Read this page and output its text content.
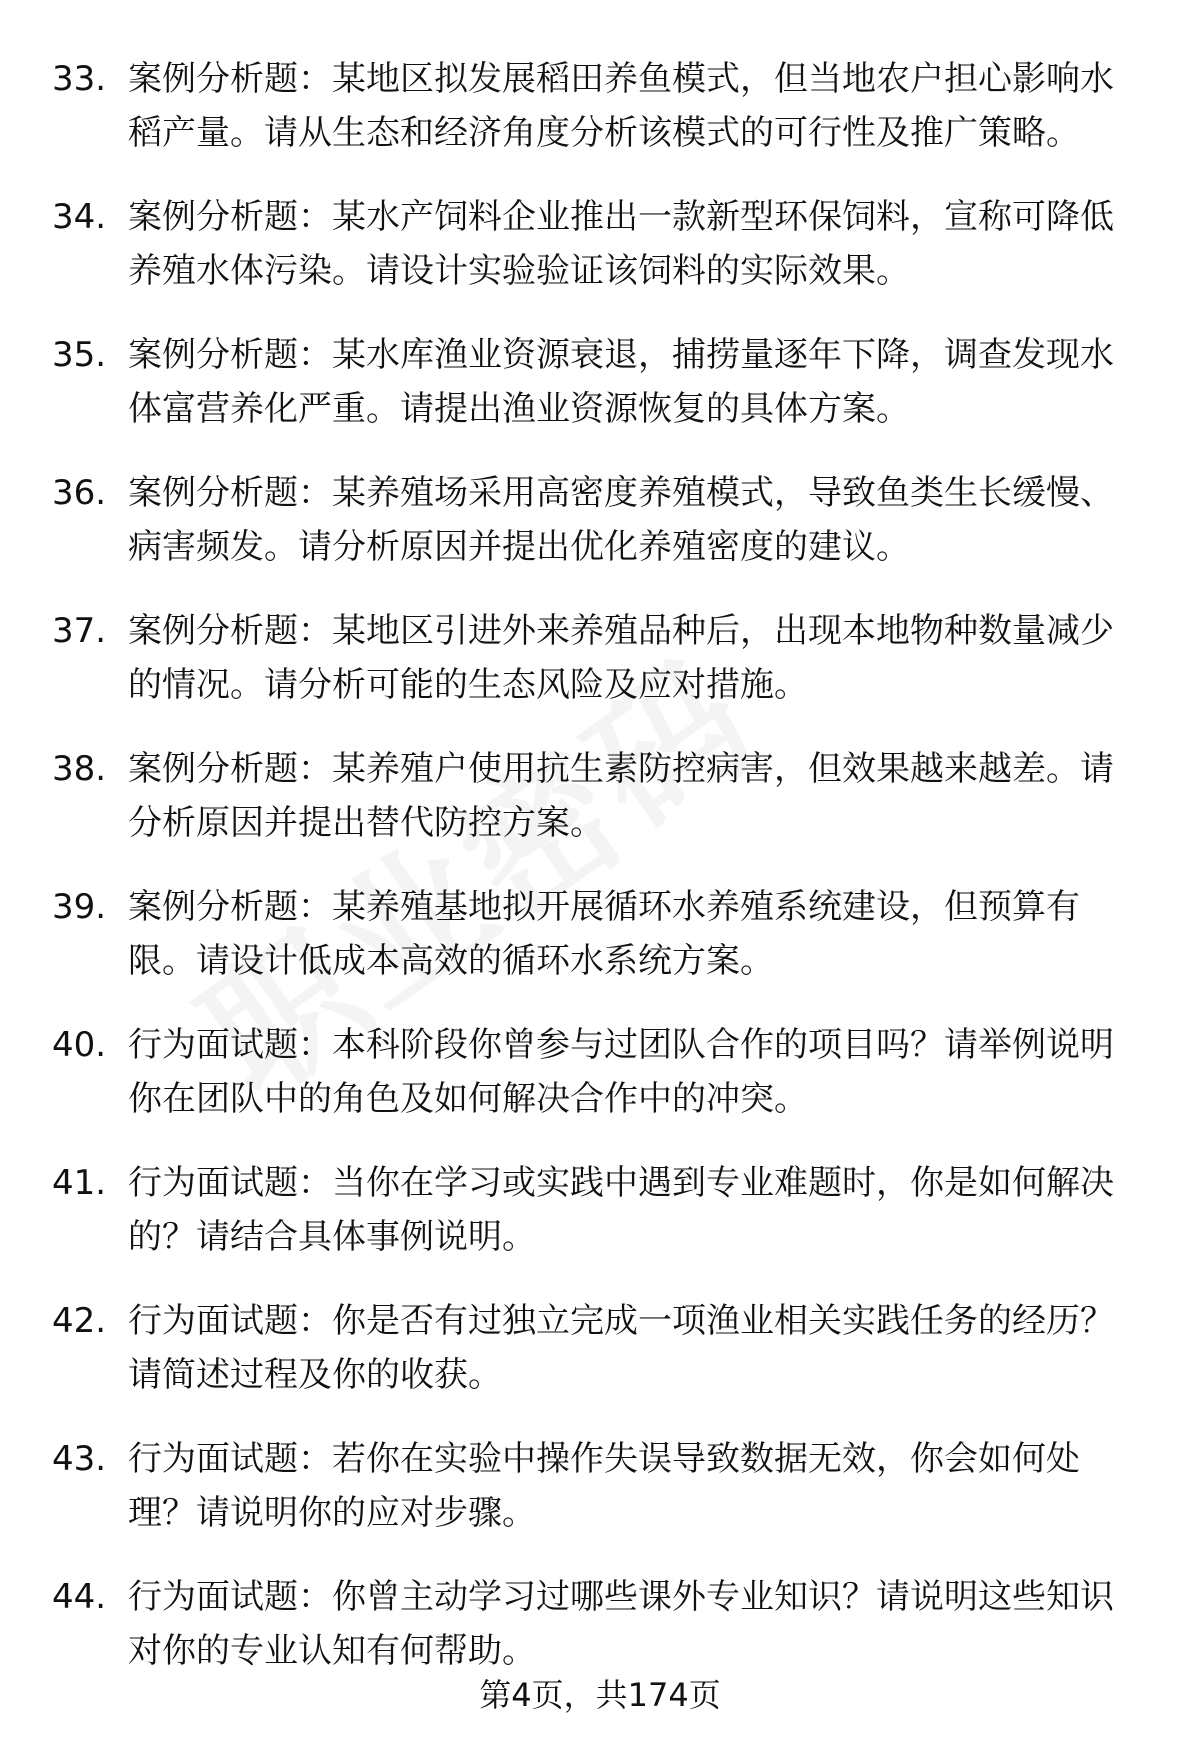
33. 案例分析题：某地区拟发展稻田养鱼模式，但当地农户担心影响水稻产量。请从生态和经济角度分析该模式的可行性及推广策略。
34. 案例分析题：某水产饲料企业推出一款新型环保饲料，宣称可降低养殖水体污染。请设计实验验证该饲料的实际效果。
35. 案例分析题：某水库渔业资源衰退，捕捞量逐年下降，调查发现水体富营养化严重。请提出渔业资源恢复的具体方案。
36. 案例分析题：某养殖场采用高密度养殖模式，导致鱼类生长缓慢、病害频发。请分析原因并提出优化养殖密度的建议。
37. 案例分析题：某地区引进外来养殖品种后，出现本地物种数量减少的情况。请分析可能的生态风险及应对措施。
38. 案例分析题：某养殖户使用抗生素防控病害，但效果越来越差。请分析原因并提出替代防控方案。
39. 案例分析题：某养殖基地拟开展循环水养殖系统建设，但预算有限。请设计低成本高效的循环水系统方案。
40. 行为面试题：本科阶段你曾参与过团队合作的项目吗？请举例说明你在团队中的角色及如何解决合作中的冲突。
41. 行为面试题：当你在学习或实践中遇到专业难题时，你是如何解决的？请结合具体事例说明。
42. 行为面试题：你是否有过独立完成一项渔业相关实践任务的经历？请简述过程及你的收获。
43. 行为面试题：若你在实验中操作失误导致数据无效，你会如何处理？请说明你的应对步骤。
44. 行为面试题：你曾主动学习过哪些课外专业知识？请说明这些知识对你的专业认知有何帮助。
第4页，共174页
